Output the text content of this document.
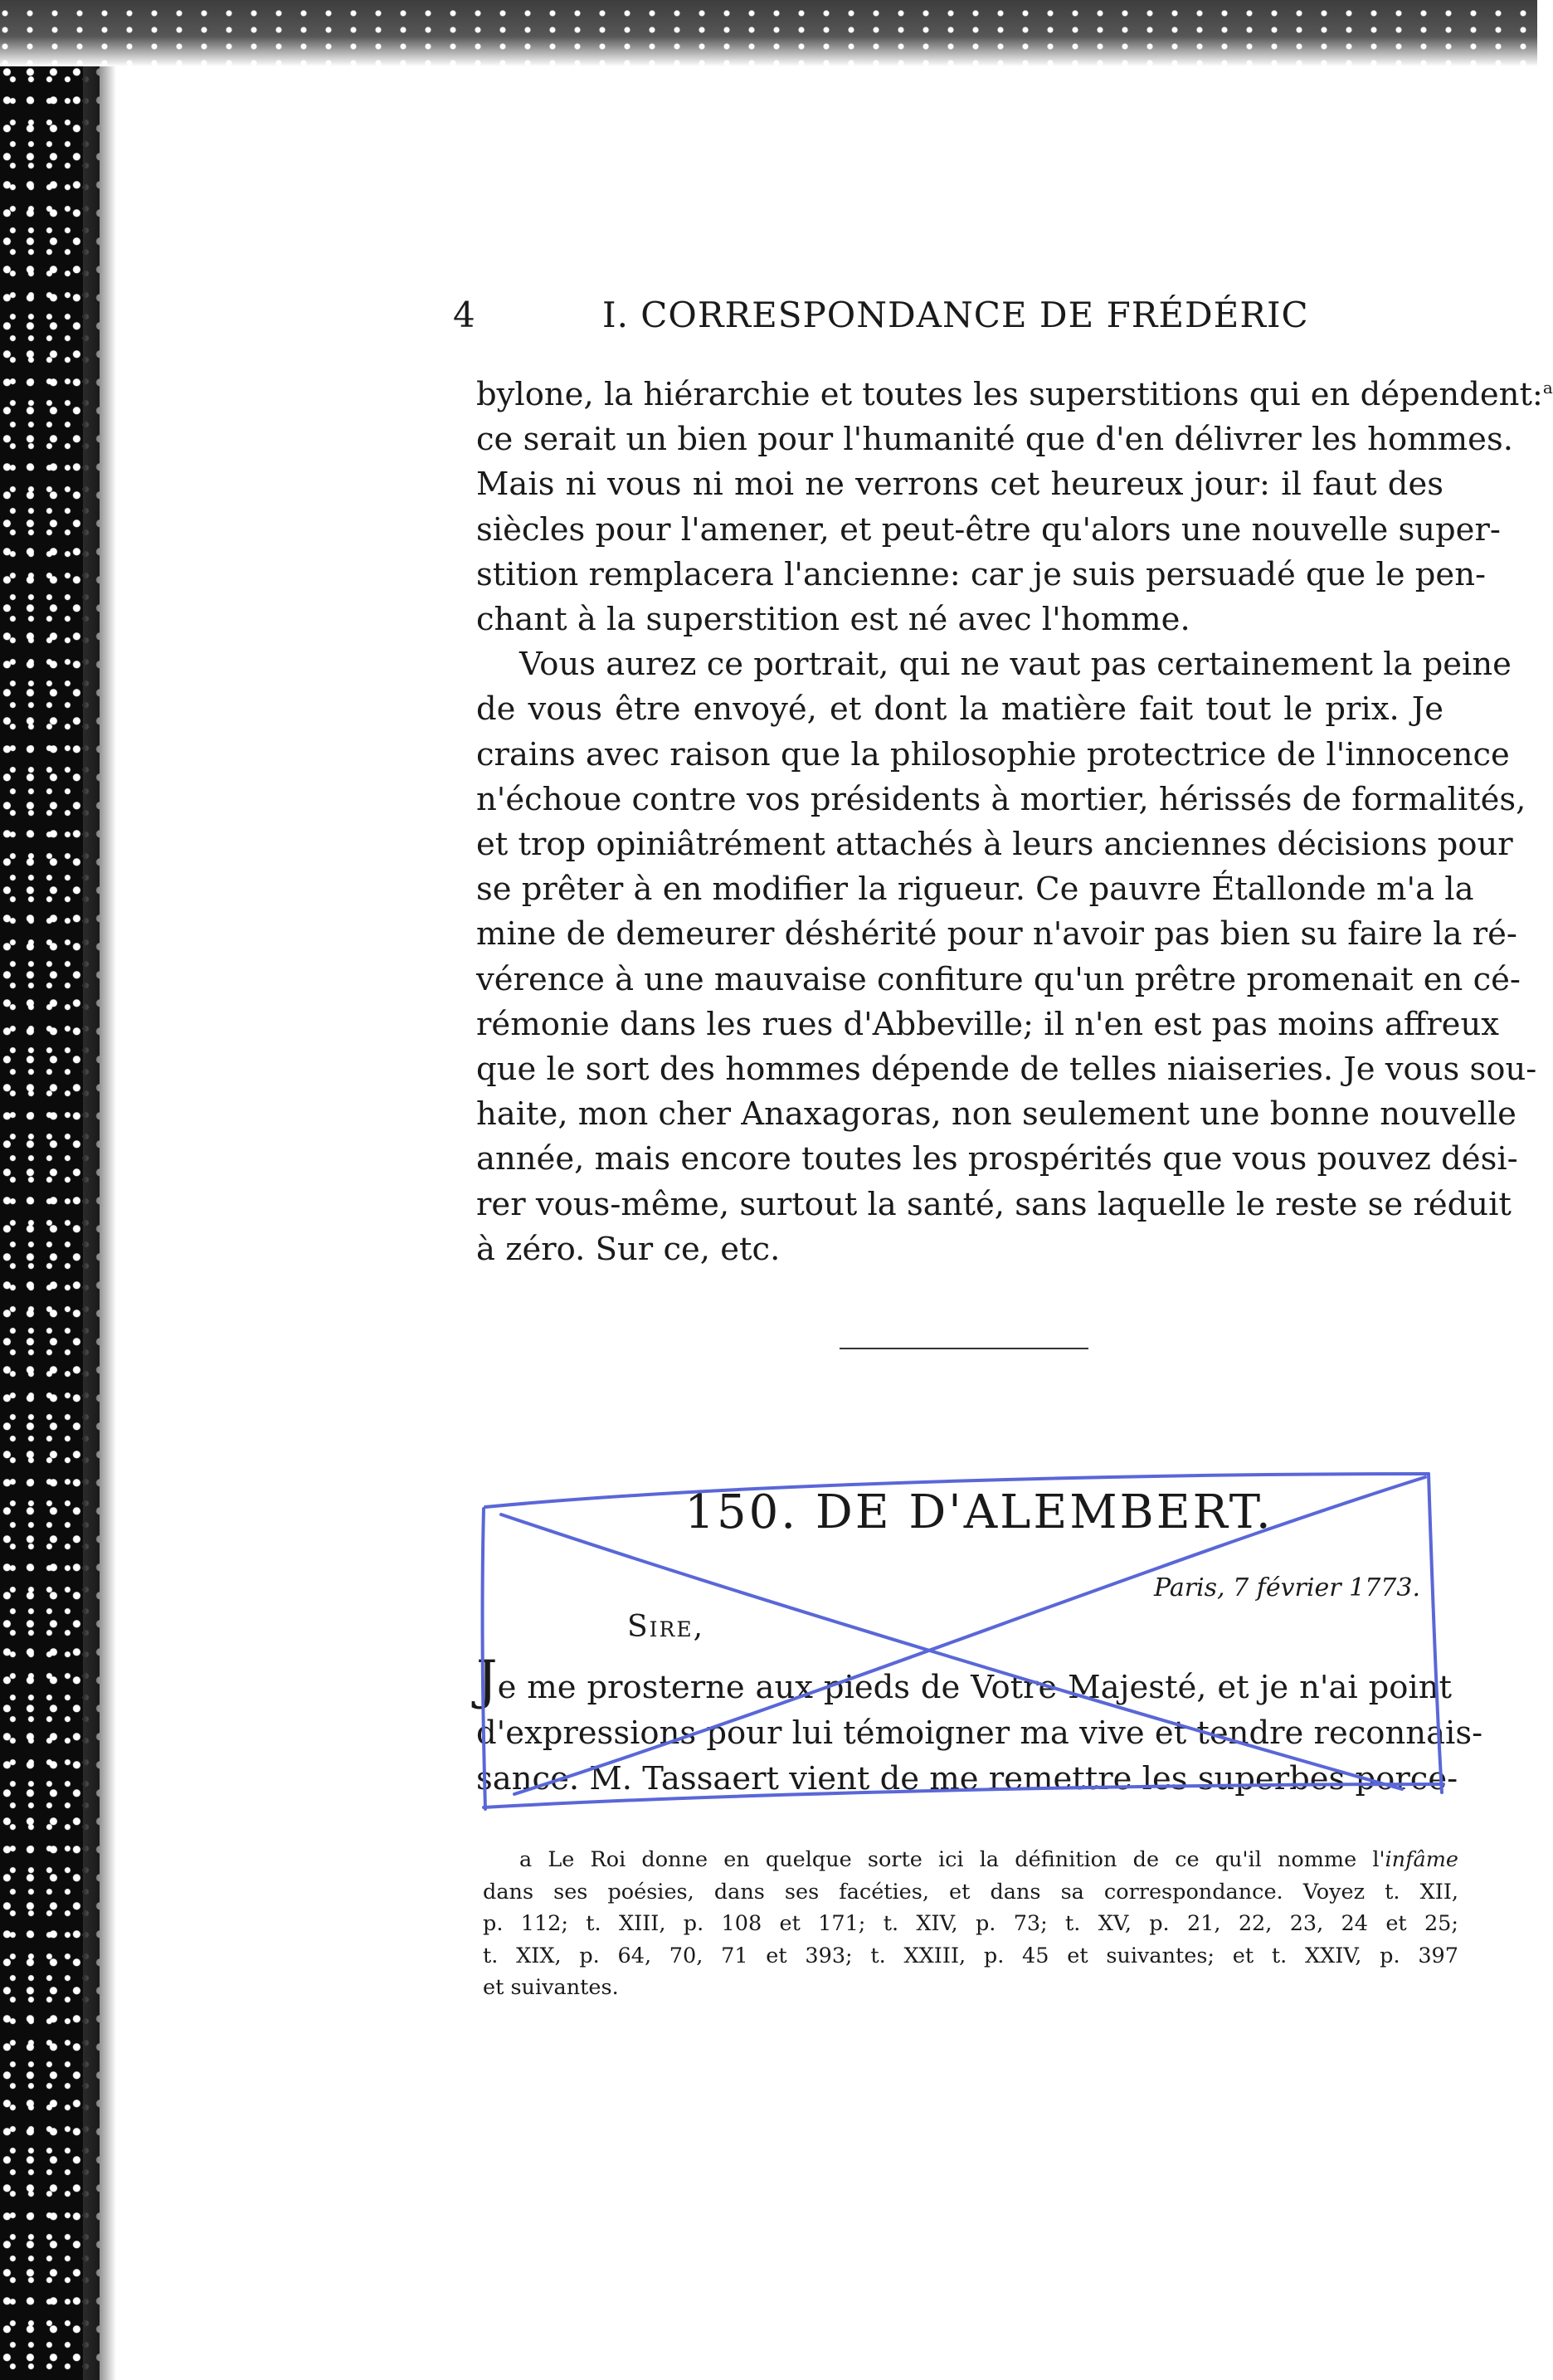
4	I. CORRESPONDANCE DE FRÉDÉRIC

bylone, la hiérarchie et toutes les superstitions qui en dépendent:$^a$
ce serait un bien pour l'humanité que d'en délivrer les hommes.
Mais ni vous ni moi ne verrons cet heureux jour: il faut des
siècles pour l'amener, et peut-être qu'alors une nouvelle super-
stition remplacera l'ancienne: car je suis persuadé que le pen-
chant à la superstition est né avec l'homme.

Vous aurez ce portrait, qui ne vaut pas certainement la peine
de vous être envoyé, et dont la matière fait tout le prix. Je
crains avec raison que la philosophie protectrice de l'innocence
n'échoue contre vos présidents à mortier, hérissés de formalités,
et trop opiniâtrément attachés à leurs anciennes décisions pour
se prêter à en modifier la rigueur. Ce pauvre Étallonde m'a la
mine de demeurer déshérité pour n'avoir pas bien su faire la ré-
vérence à une mauvaise confiture qu'un prêtre promenait en cé-
rémonie dans les rues d'Abbeville; il n'en est pas moins affreux
que le sort des hommes dépende de telles niaiseries. Je vous sou-
haite, mon cher Anaxagoras, non seulement une bonne nouvelle
année, mais encore toutes les prospérités que vous pouvez dési-
rer vous-même, surtout la santé, sans laquelle le reste se réduit
à zéro. Sur ce, etc.

150. DE D'ALEMBERT.
Paris, 7 février 1773.
Sire,
Je me prosterne aux pieds de Votre Majesté, et je n'ai point
d'expressions pour lui témoigner ma vive et tendre reconnais-
sance. M. Tassaert vient de me remettre les superbes porce-
a Le Roi donne en quelque sorte ici la définition de ce qu'il nomme l'infâme
dans ses poésies, dans ses facéties, et dans sa correspondance. Voyez t. XII,
p. 112; t. XIII, p. 108 et 171; t. XIV, p. 73; t. XV, p. 21, 22, 23, 24 et 25;
t. XIX, p. 64, 70, 71 et 393; t. XXIII, p. 45 et suivantes; et t. XXIV, p. 397
et suivantes.
